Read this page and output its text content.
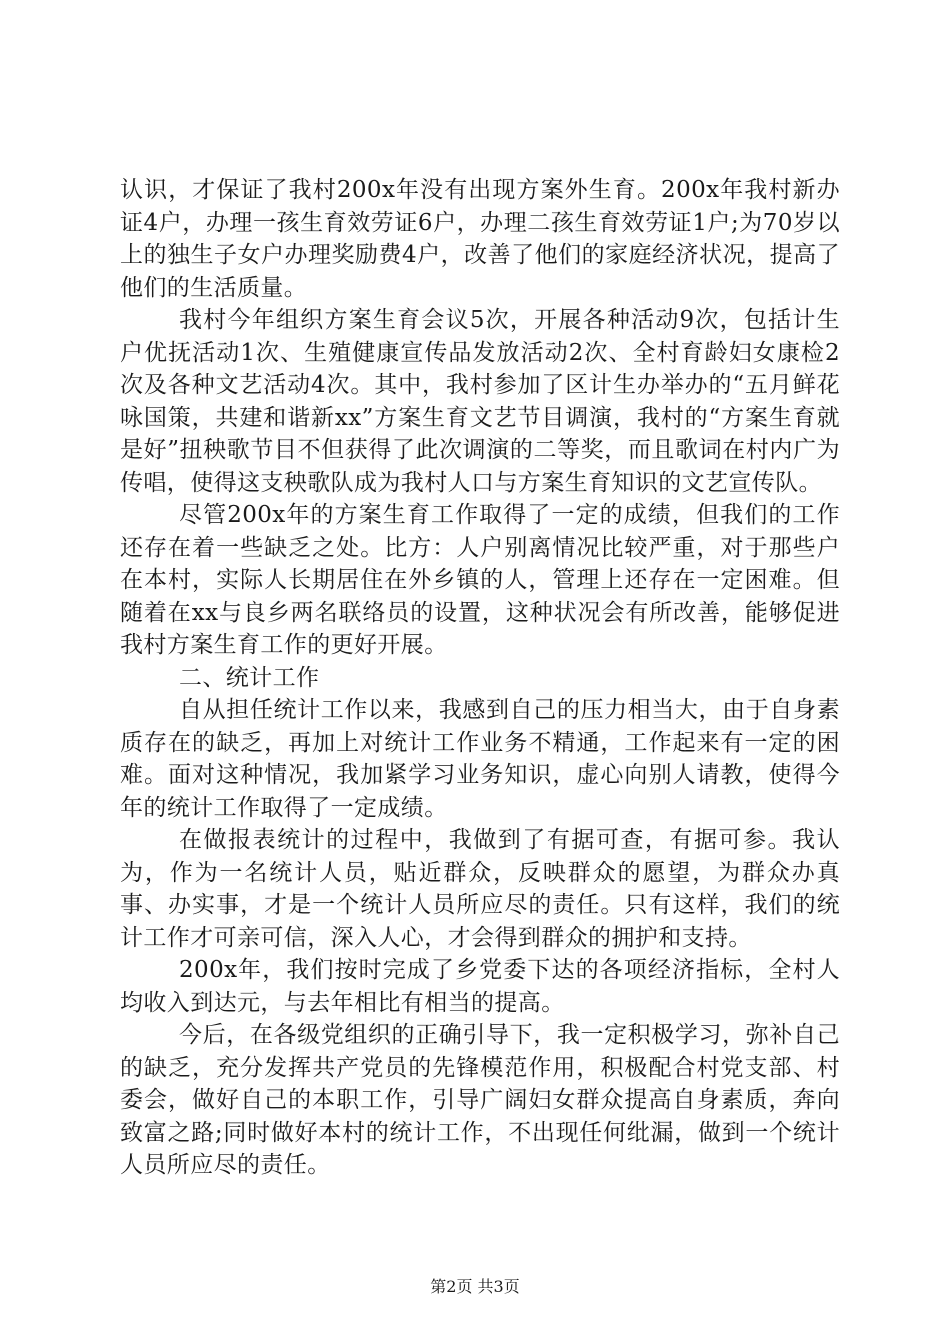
认识，才保证了我村200x年没有出现方案外生育。200x年我村新办证4户，办理一孩生育效劳证6户，办理二孩生育效劳证1户;为70岁以上的独生子女户办理奖励费4户，改善了他们的家庭经济状况，提高了他们的生活质量。

我村今年组织方案生育会议5次，开展各种活动9次，包括计生户优抚活动1次、生殖健康宣传品发放活动2次、全村育龄妇女康检2次及各种文艺活动4次。其中，我村参加了区计生办举办的“五月鲜花咏国策，共建和谐新xx”方案生育文艺节目调演，我村的“方案生育就是好”扭秧歌节目不但获得了此次调演的二等奖，而且歌词在村内广为传唱，使得这支秧歌队成为我村人口与方案生育知识的文艺宣传队。

尽管200x年的方案生育工作取得了一定的成绩，但我们的工作还存在着一些缺乏之处。比方：人户别离情况比较严重，对于那些户在本村，实际人长期居住在外乡镇的人，管理上还存在一定困难。但随着在xx与良乡两名联络员的设置，这种状况会有所改善，能够促进我村方案生育工作的更好开展。

二、统计工作

自从担任统计工作以来，我感到自己的压力相当大，由于自身素质存在的缺乏，再加上对统计工作业务不精通，工作起来有一定的困难。面对这种情况，我加紧学习业务知识，虚心向别人请教，使得今年的统计工作取得了一定成绩。

在做报表统计的过程中，我做到了有据可查，有据可参。我认为，作为一名统计人员，贴近群众，反映群众的愿望，为群众办真事、办实事，才是一个统计人员所应尽的责任。只有这样，我们的统计工作才可亲可信，深入人心，才会得到群众的拥护和支持。

200x年，我们按时完成了乡党委下达的各项经济指标，全村人均收入到达元，与去年相比有相当的提高。

今后，在各级党组织的正确引导下，我一定积极学习，弥补自己的缺乏，充分发挥共产党员的先锋模范作用，积极配合村党支部、村委会，做好自己的本职工作，引导广阔妇女群众提高自身素质，奔向致富之路;同时做好本村的统计工作，不出现任何纰漏，做到一个统计人员所应尽的责任。

第2页 共3页
